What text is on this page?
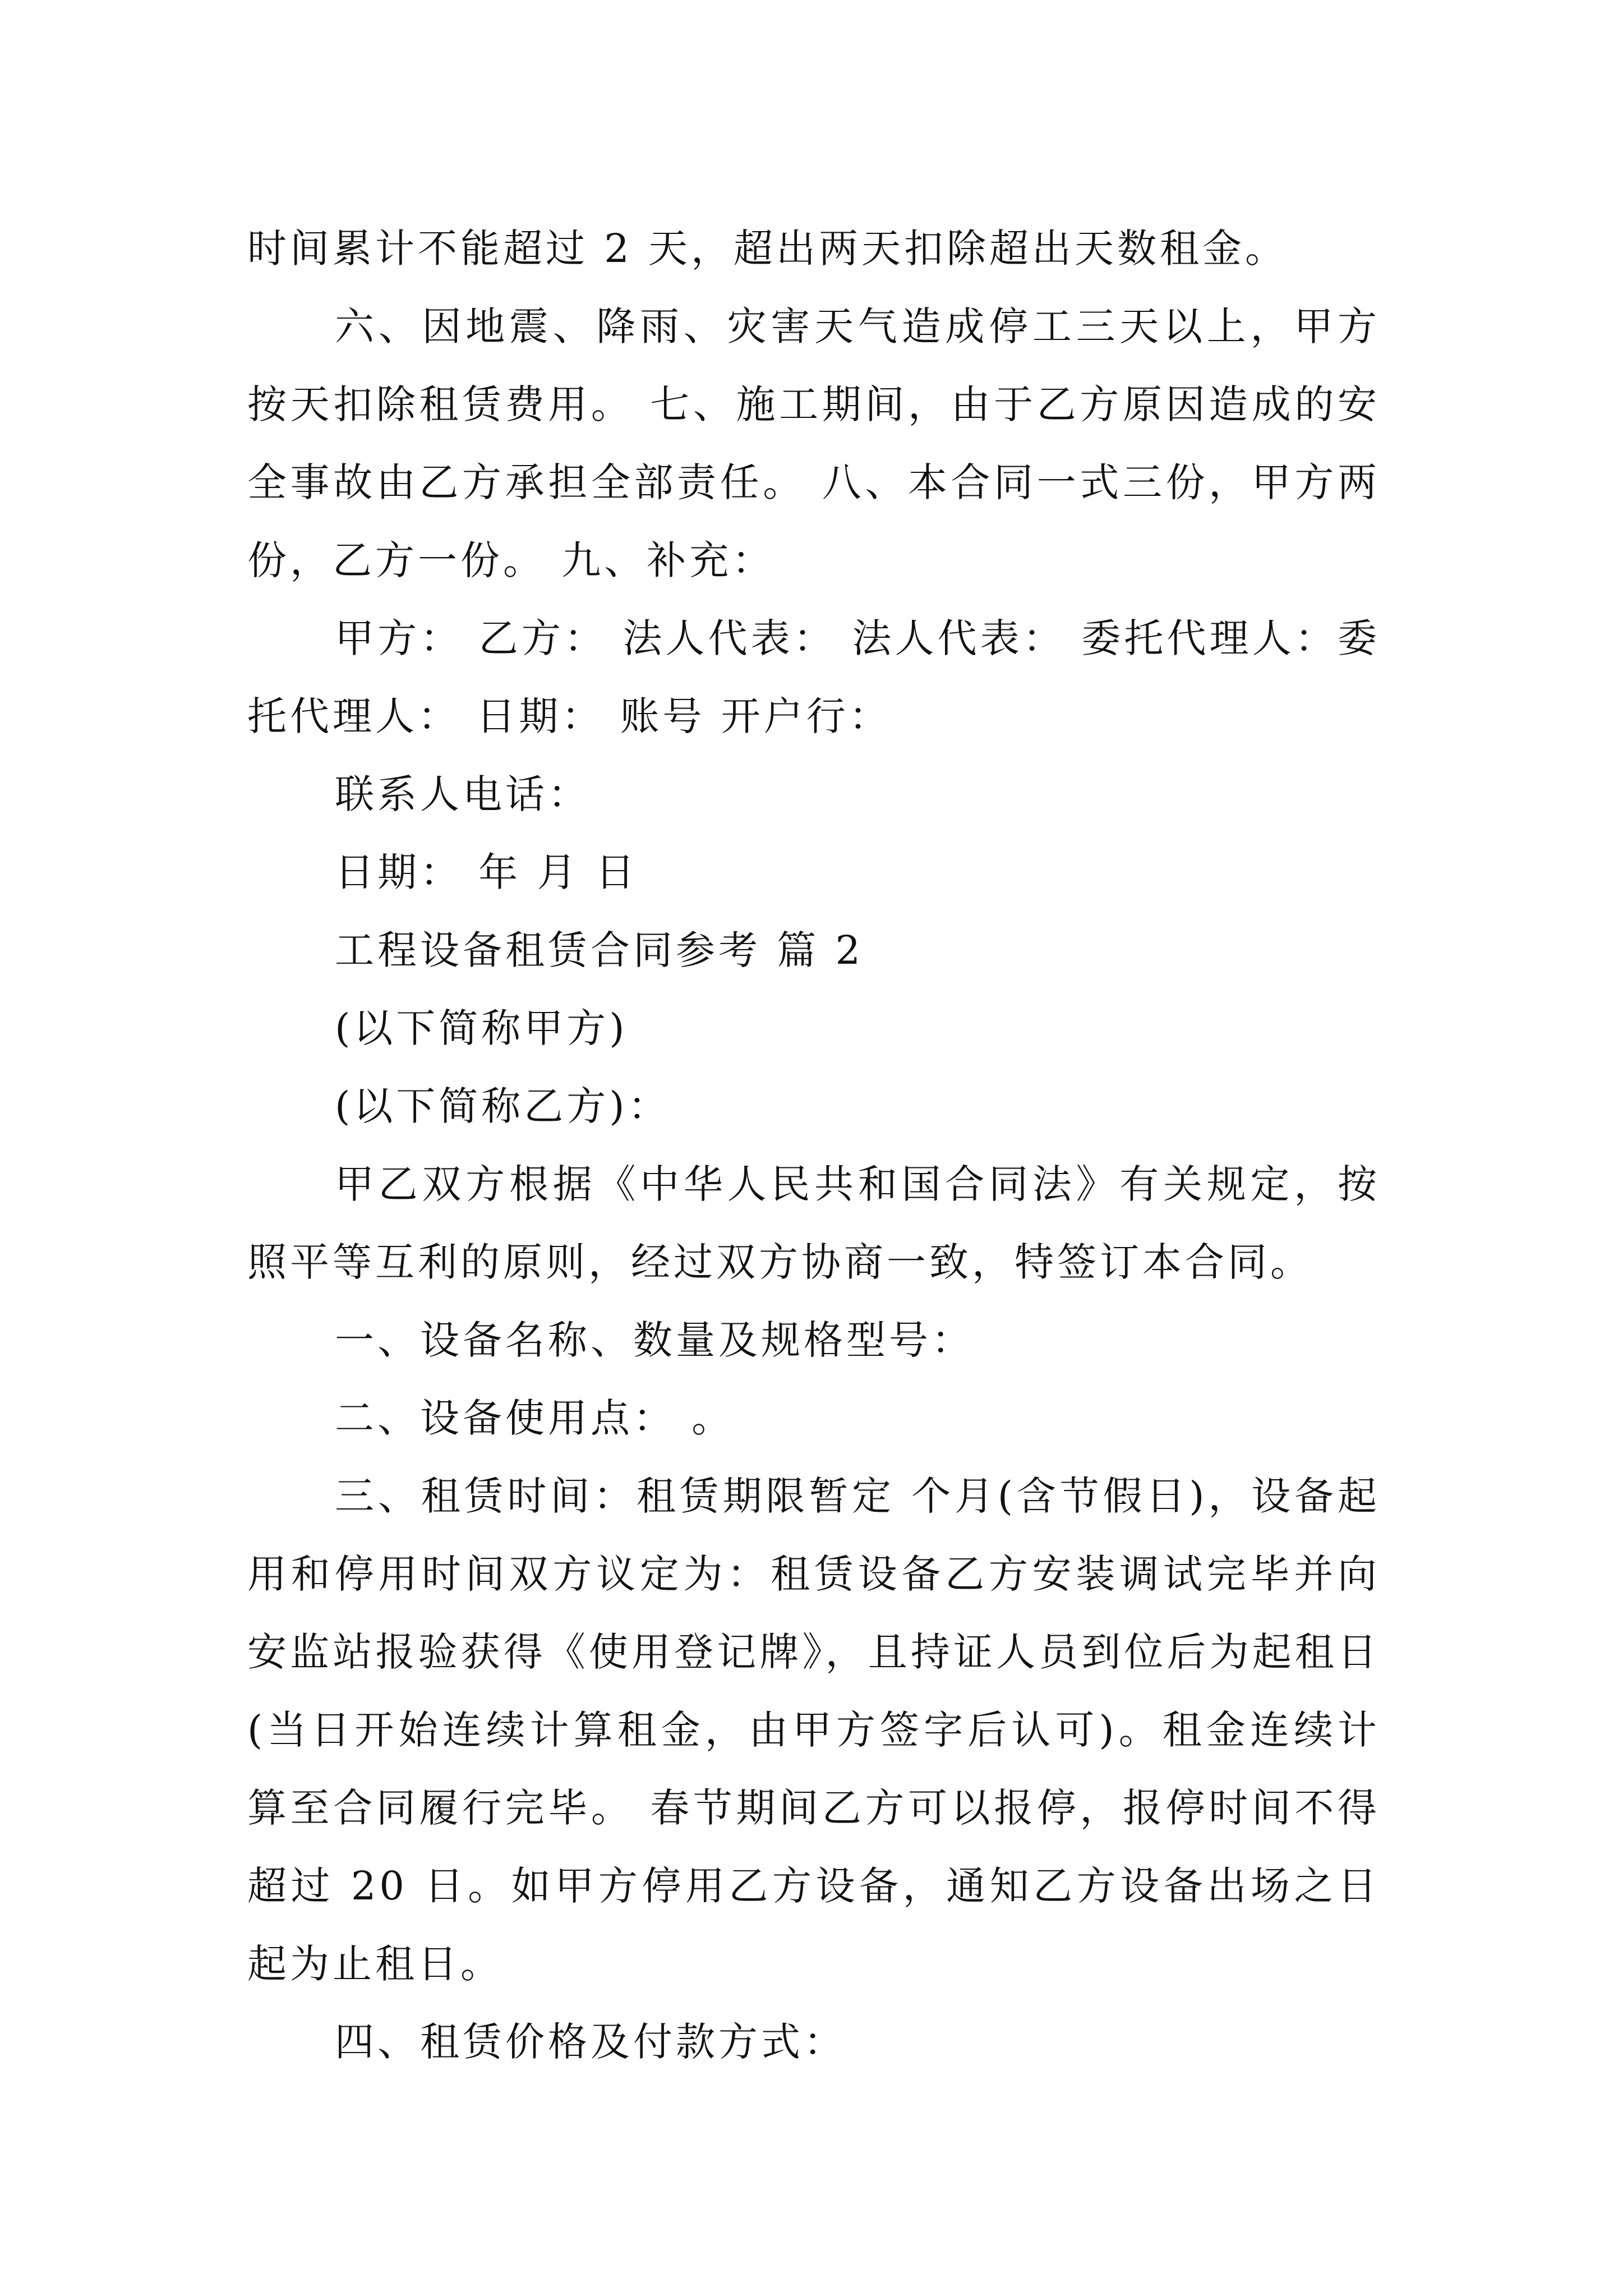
时间累计不能超过 2 天，超出两天扣除超出天数租金。

六、因地震、降雨、灾害天气造成停工三天以上，甲方按天扣除租赁费用。 七、施工期间，由于乙方原因造成的安全事故由乙方承担全部责任。 八、本合同一式三份，甲方两份，乙方一份。 九、补充：

甲方： 乙方： 法人代表： 法人代表： 委托代理人：委托代理人： 日期： 账号 开户行：

联系人电话：

日期： 年 月 日

工程设备租赁合同参考 篇 2

(以下简称甲方)

(以下简称乙方)：

甲乙双方根据《中华人民共和国合同法》有关规定，按照平等互利的原则，经过双方协商一致，特签订本合同。

一、设备名称、数量及规格型号：

二、设备使用点： 。

三、租赁时间：租赁期限暂定 个月(含节假日)，设备起用和停用时间双方议定为：租赁设备乙方安装调试完毕并向安监站报验获得《使用登记牌》，且持证人员到位后为起租日(当日开始连续计算租金，由甲方签字后认可)。租金连续计算至合同履行完毕。 春节期间乙方可以报停，报停时间不得超过 20 日。如甲方停用乙方设备，通知乙方设备出场之日起为止租日。

四、租赁价格及付款方式：
